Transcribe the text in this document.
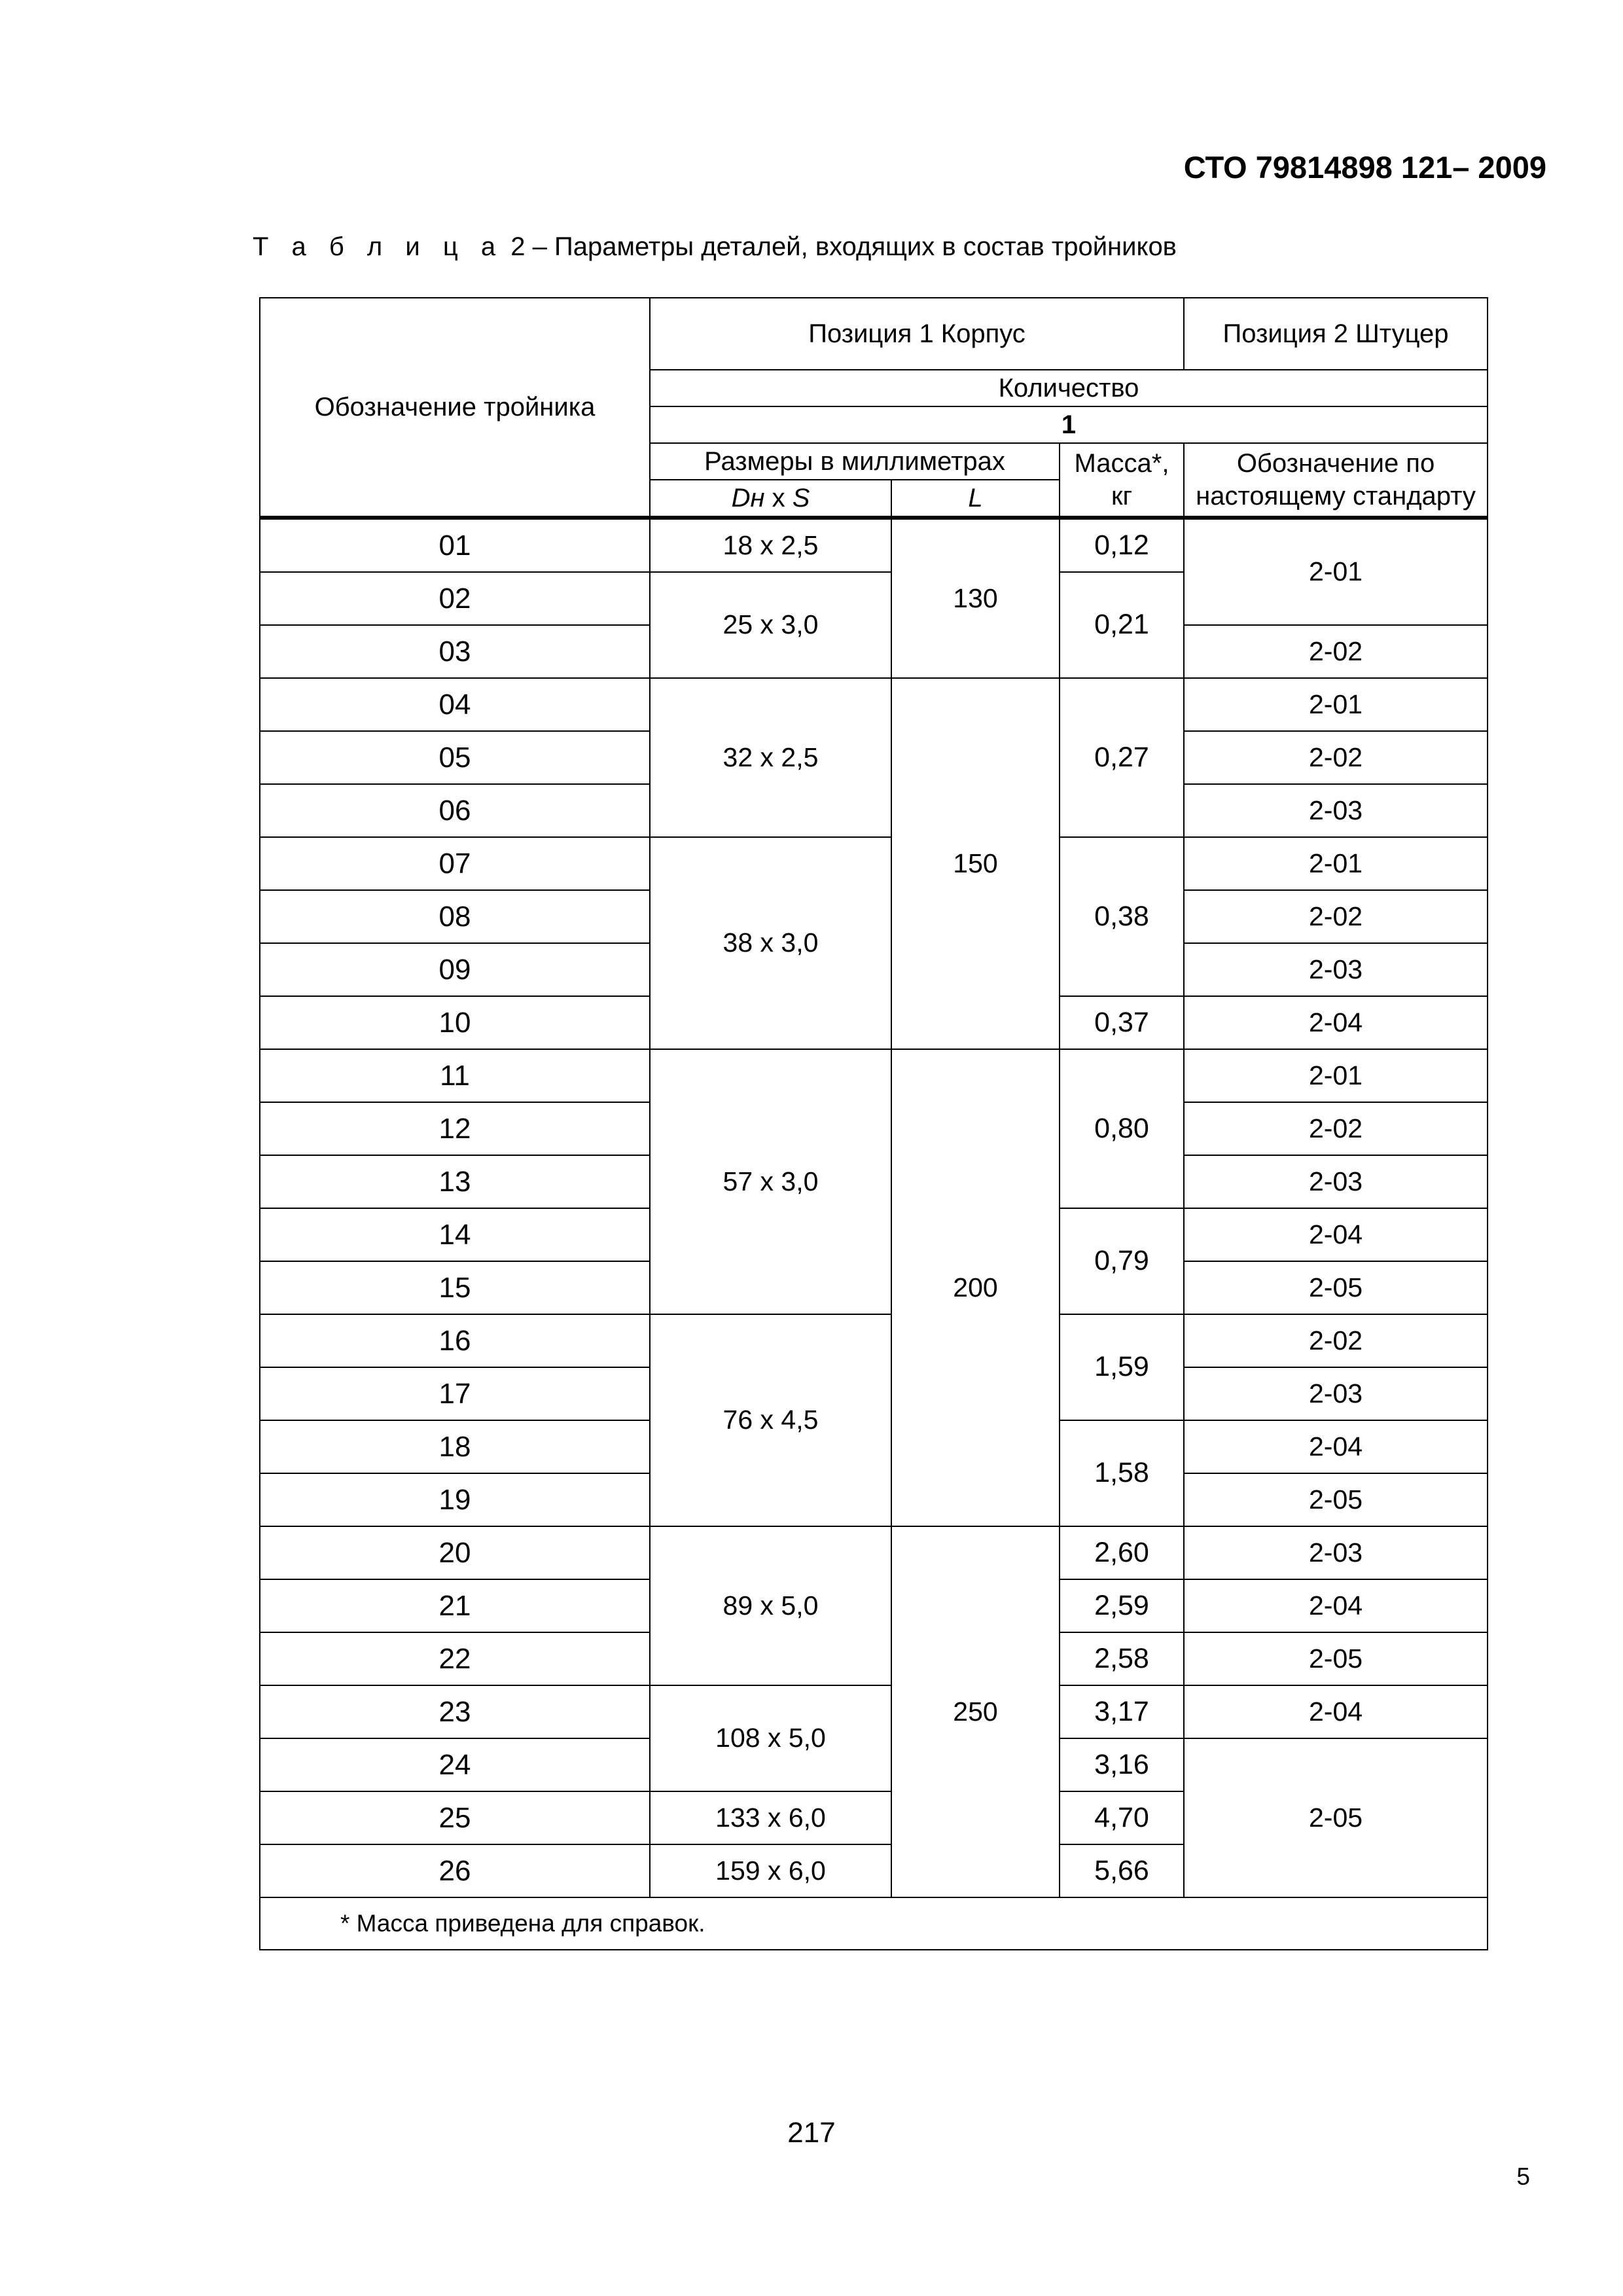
СТО 79814898 121– 2009
Т а б л и ц а 2 – Параметры деталей, входящих в состав тройников
Обозначение тройника	Позиция 1 Корпус			Позиция 2 Штуцер
	Количество			
	1			
	Размеры в миллиметрах		Масса*, кг	Обозначение по настоящему стандарту
	Dн x S	L		

01	18 x 2,5	130	0,12	2-01
02	25 x 3,0		0,21	
03				2-02
04	32 x 2,5	150	0,27	2-01
05				2-02
06				2-03
07	38 x 3,0		0,38	2-01
08				2-02
09				2-03
10			0,37	2-04
11	57 x 3,0	200	0,80	2-01
12				2-02
13				2-03
14			0,79	2-04
15				2-05
16	76 x 4,5		1,59	2-02
17				2-03
18			1,58	2-04
19				2-05
20	89 x 5,0	250	2,60	2-03
21			2,59	2-04
22			2,58	2-05
23	108 x 5,0		3,17	2-04
24			3,16	2-05
25	133 x 6,0		4,70	
26	159 x 6,0		5,66	
* Масса приведена для справок.				
217
5
